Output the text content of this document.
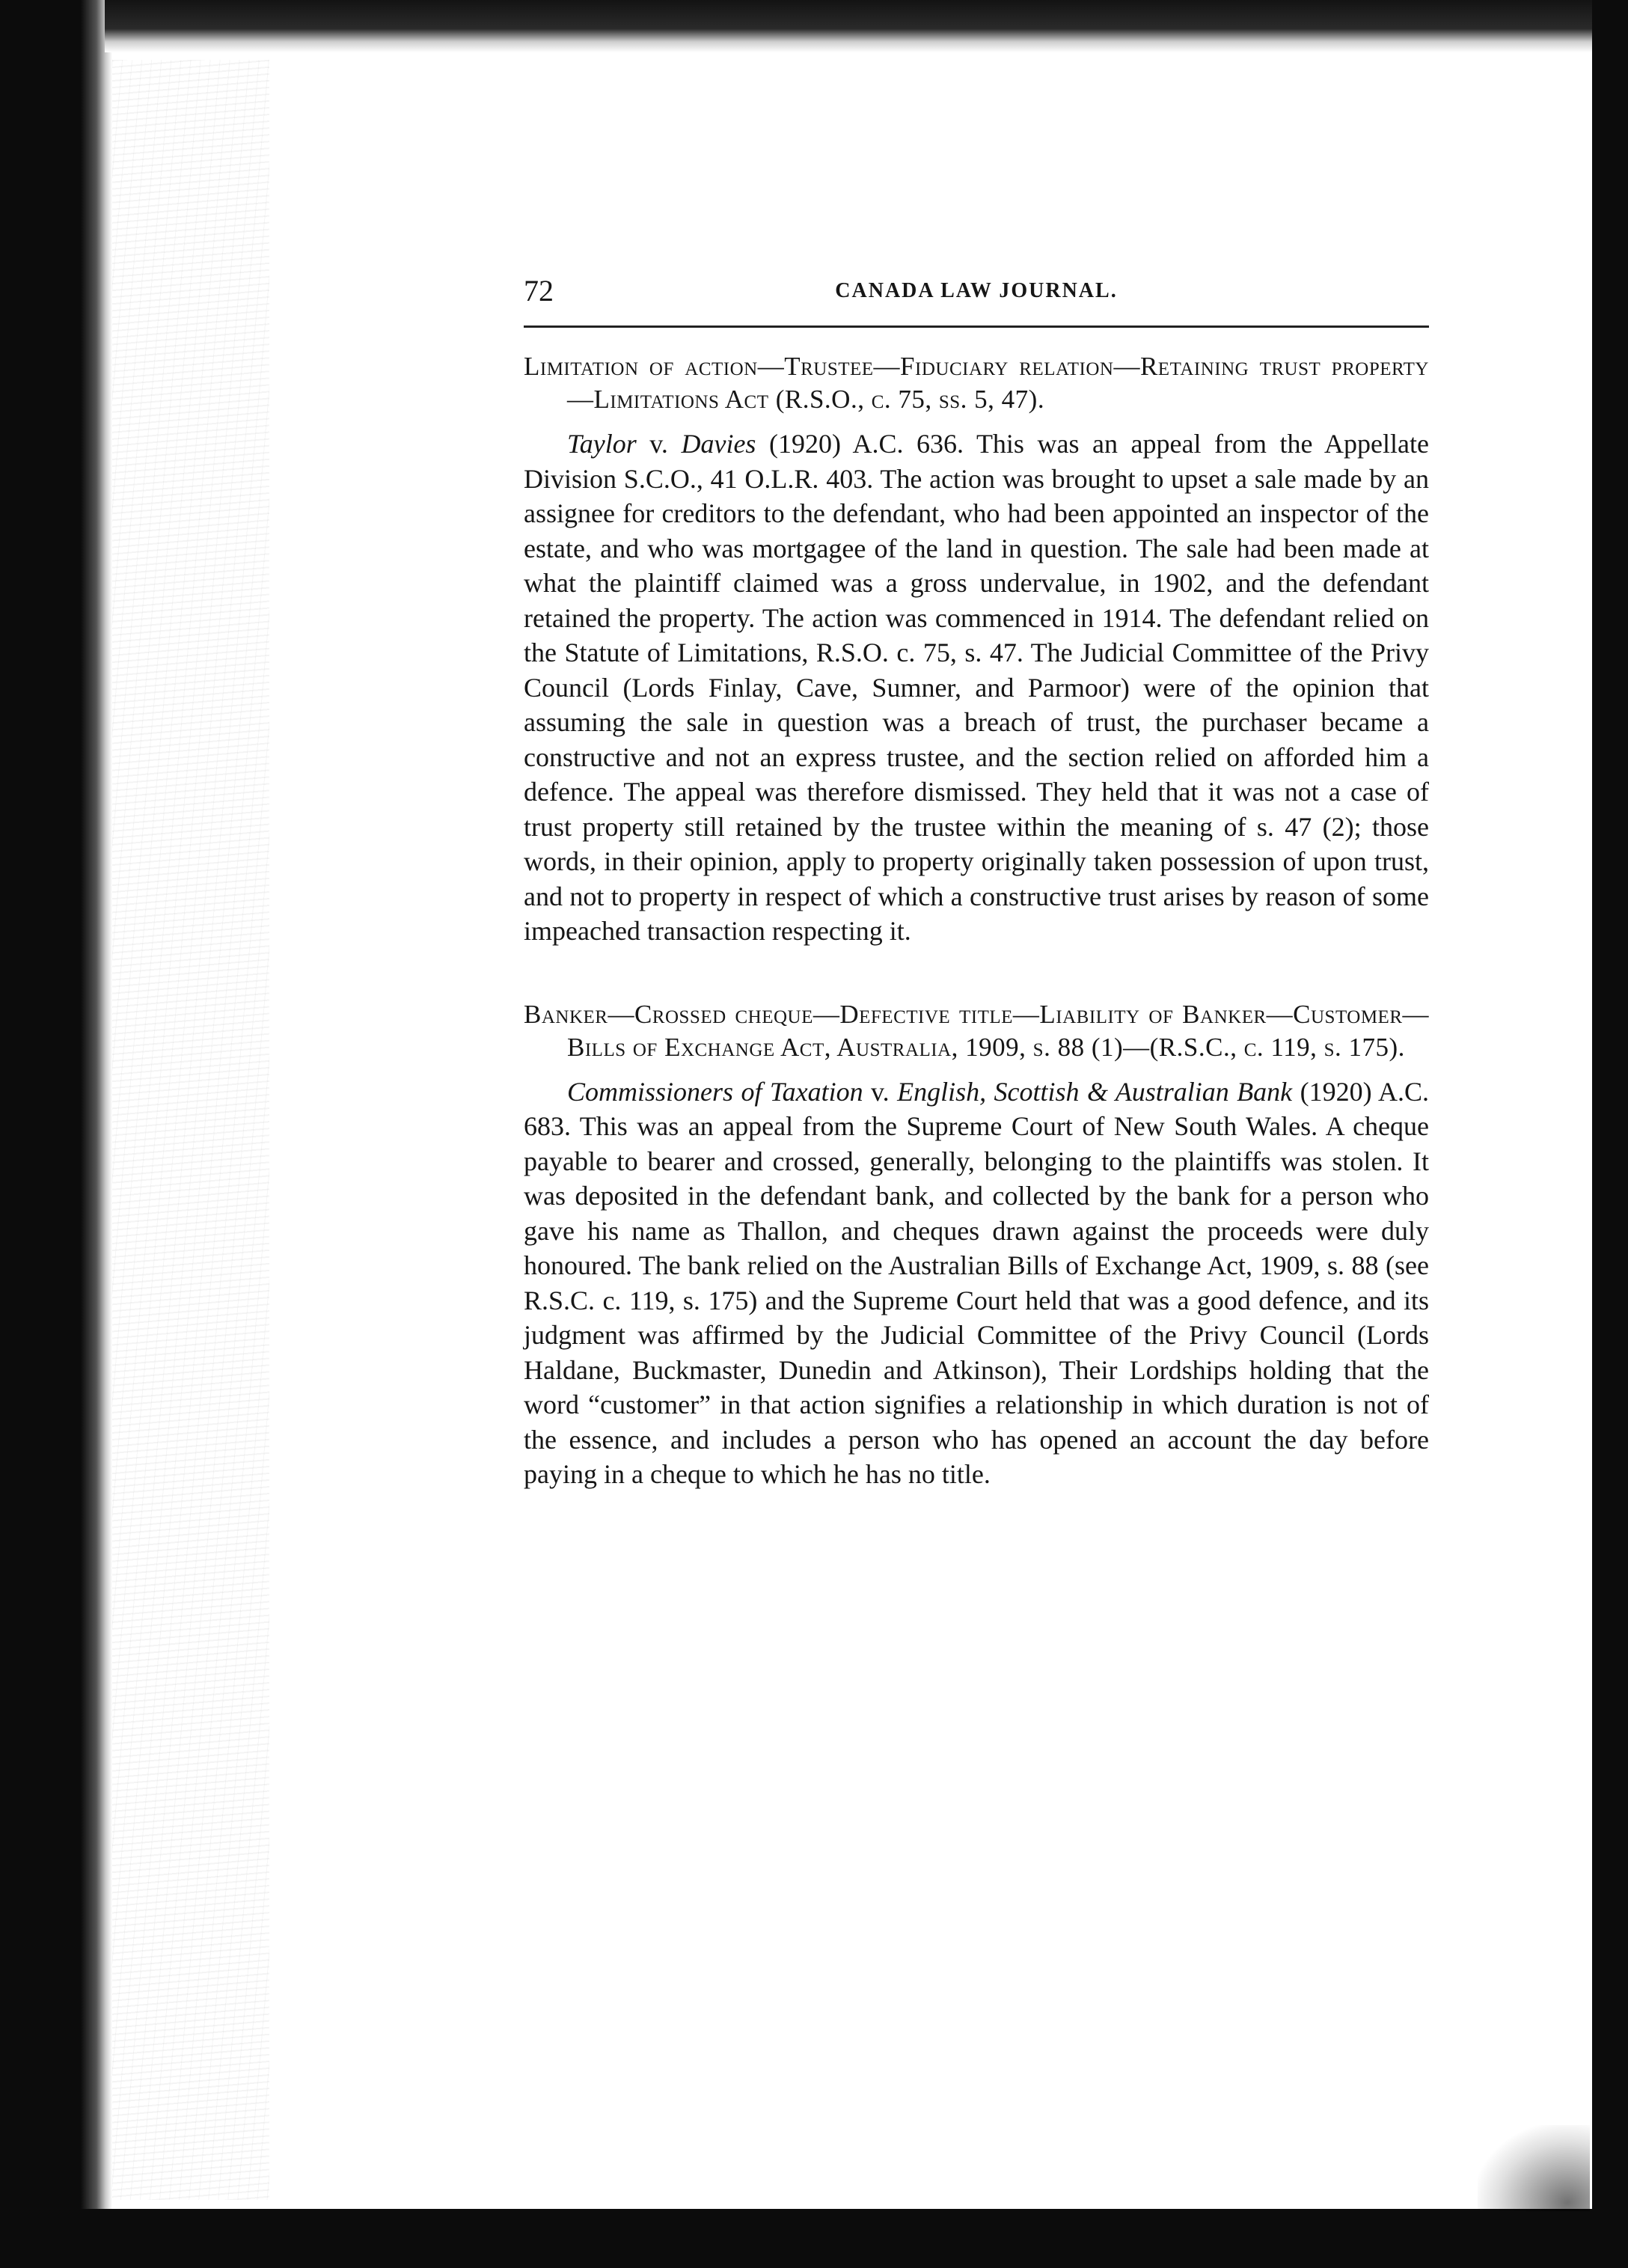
72	CANADA LAW JOURNAL.

Limitation of action—Trustee—Fiduciary relation—Retaining trust property—Limitations Act (R.S.O., c. 75, ss. 5, 47).

Taylor v. Davies (1920) A.C. 636. This was an appeal from the Appellate Division S.C.O., 41 O.L.R. 403. The action was brought to upset a sale made by an assignee for creditors to the defendant, who had been appointed an inspector of the estate, and who was mortgagee of the land in question. The sale had been made at what the plaintiff claimed was a gross undervalue, in 1902, and the defendant retained the property. The action was commenced in 1914. The defendant relied on the Statute of Limitations, R.S.O. c. 75, s. 47. The Judicial Committee of the Privy Council (Lords Finlay, Cave, Sumner, and Parmoor) were of the opinion that assuming the sale in question was a breach of trust, the purchaser became a constructive and not an express trustee, and the section relied on afforded him a defence. The appeal was therefore dismissed. They held that it was not a case of trust property still retained by the trustee within the meaning of s. 47 (2); those words, in their opinion, apply to property originally taken possession of upon trust, and not to property in respect of which a constructive trust arises by reason of some impeached transaction respecting it.

Banker—Crossed cheque—Defective title—Liability of Banker—Customer—Bills of Exchange Act, Australia, 1909, s. 88 (1)—(R.S.C., c. 119, s. 175).

Commissioners of Taxation v. English, Scottish & Australian Bank (1920) A.C. 683. This was an appeal from the Supreme Court of New South Wales. A cheque payable to bearer and crossed, generally, belonging to the plaintiffs was stolen. It was deposited in the defendant bank, and collected by the bank for a person who gave his name as Thallon, and cheques drawn against the proceeds were duly honoured. The bank relied on the Australian Bills of Exchange Act, 1909, s. 88 (see R.S.C. c. 119, s. 175) and the Supreme Court held that was a good defence, and its judgment was affirmed by the Judicial Committee of the Privy Council (Lords Haldane, Buckmaster, Dunedin and Atkinson), Their Lordships holding that the word “customer” in that action signifies a relationship in which duration is not of the essence, and includes a person who has opened an account the day before paying in a cheque to which he has no title.
